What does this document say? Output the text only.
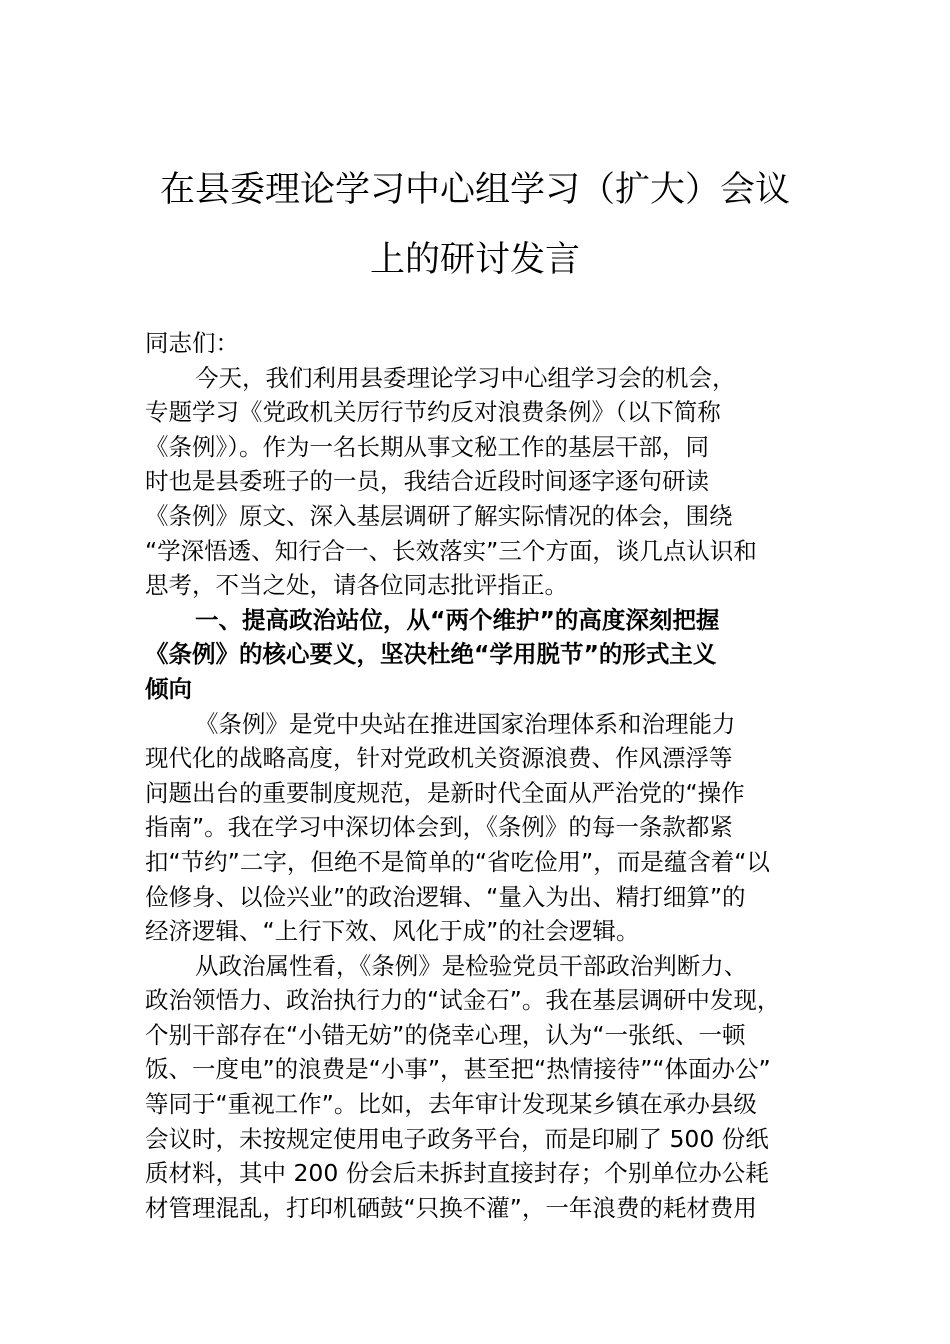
在县委理论学习中心组学习（扩大）会议
上的研讨发言
同志们：
今天，我们利用县委理论学习中心组学习会的机会，
专题学习《党政机关厉行节约反对浪费条例》（以下简称
《条例》）。作为一名长期从事文秘工作的基层干部，同
时也是县委班子的一员，我结合近段时间逐字逐句研读
《条例》原文、深入基层调研了解实际情况的体会，围绕
“学深悟透、知行合一、长效落实”三个方面，谈几点认识和
思考，不当之处，请各位同志批评指正。
一、提高政治站位，从“两个维护”的高度深刻把握
《条例》的核心要义，坚决杜绝“学用脱节”的形式主义
倾向
《条例》是党中央站在推进国家治理体系和治理能力
现代化的战略高度，针对党政机关资源浪费、作风漂浮等
问题出台的重要制度规范，是新时代全面从严治党的“操作
指南”。我在学习中深切体会到，《条例》的每一条款都紧
扣“节约”二字，但绝不是简单的“省吃俭用”，而是蕴含着“以
俭修身、以俭兴业”的政治逻辑、“量入为出、精打细算”的
经济逻辑、“上行下效、风化于成”的社会逻辑。
从政治属性看，《条例》是检验党员干部政治判断力、
政治领悟力、政治执行力的“试金石”。我在基层调研中发现，
个别干部存在“小错无妨”的侥幸心理，认为“一张纸、一顿
饭、一度电”的浪费是“小事”，甚至把“热情接待”“体面办公”
等同于“重视工作”。比如，去年审计发现某乡镇在承办县级
会议时，未按规定使用电子政务平台，而是印刷了 500 份纸
质材料，其中 200 份会后未拆封直接封存；个别单位办公耗
材管理混乱，打印机硒鼓“只换不灌”，一年浪费的耗材费用
